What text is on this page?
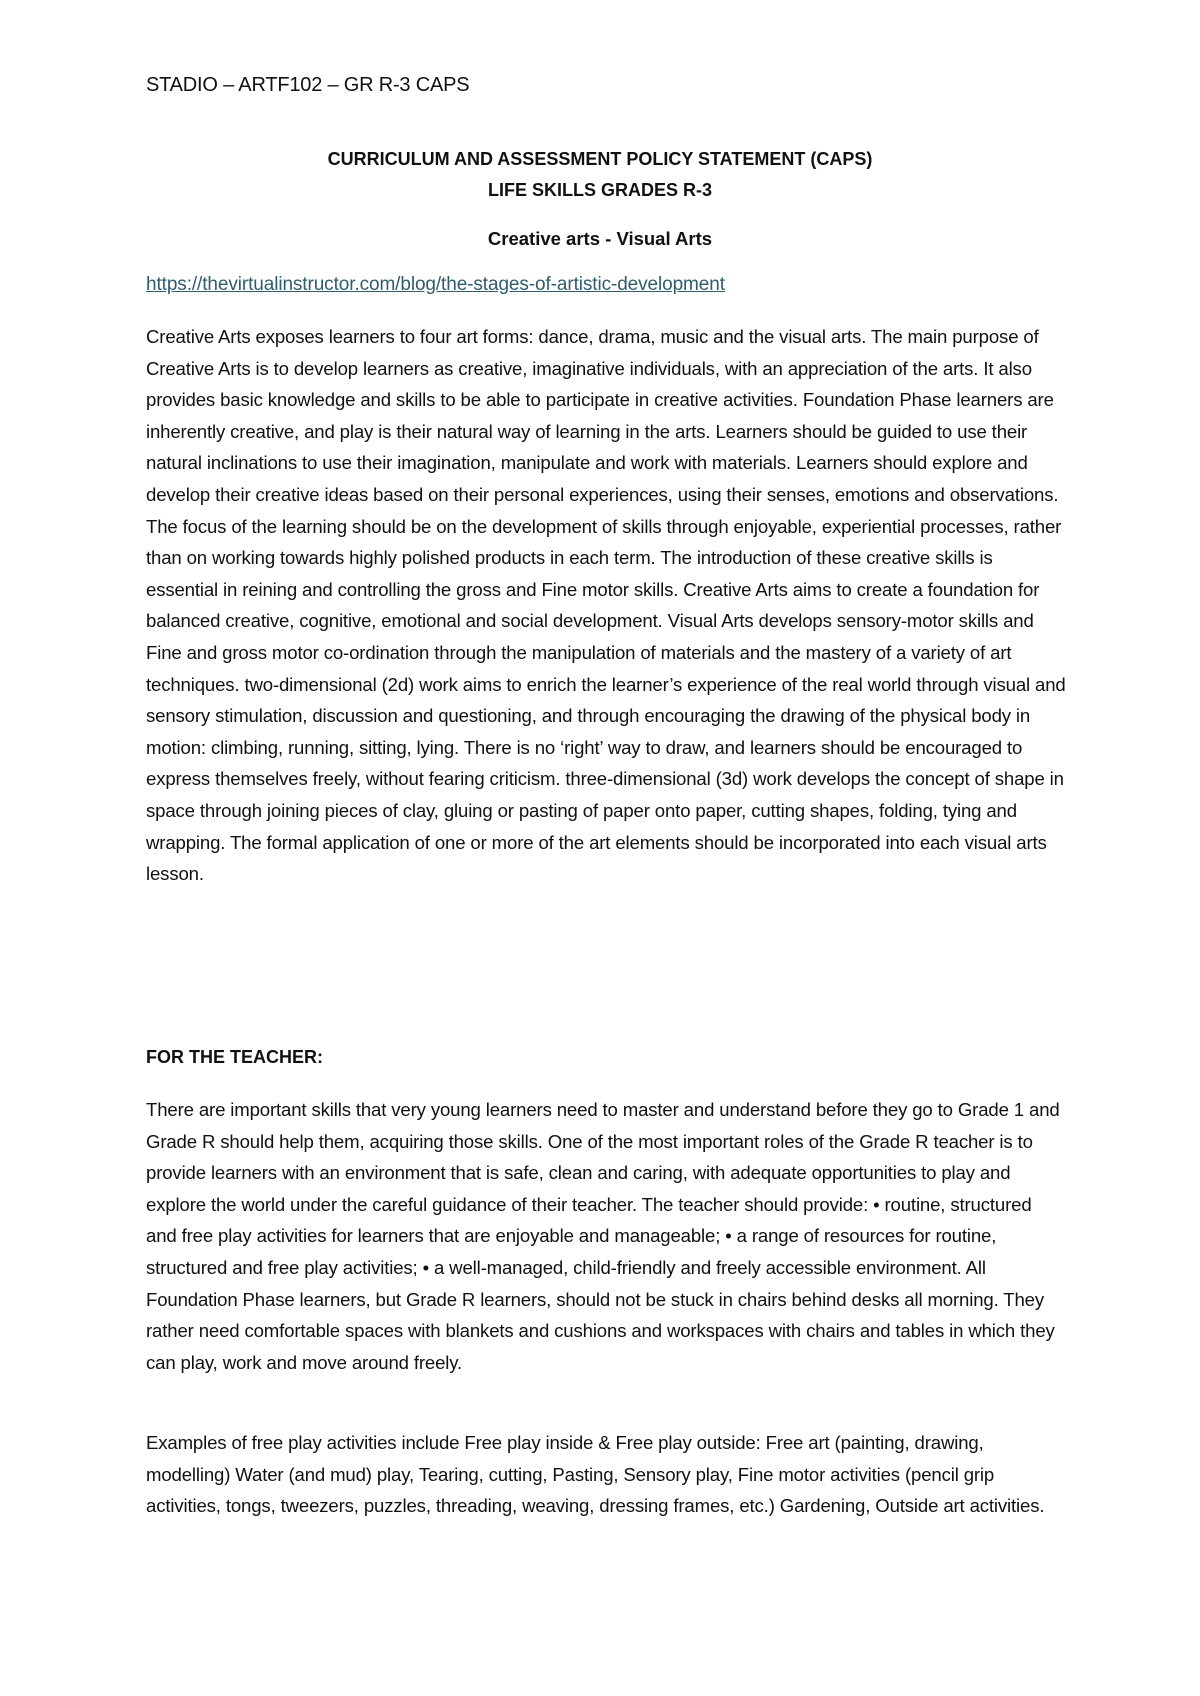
STADIO – ARTF102 – GR R-3 CAPS
CURRICULUM AND ASSESSMENT POLICY STATEMENT (CAPS)
LIFE SKILLS GRADES R-3
Creative arts - Visual Arts
https://thevirtualinstructor.com/blog/the-stages-of-artistic-development

Creative Arts exposes learners to four art forms: dance, drama, music and the visual arts. The main purpose of Creative Arts is to develop learners as creative, imaginative individuals, with an appreciation of the arts. It also provides basic knowledge and skills to be able to participate in creative activities. Foundation Phase learners are inherently creative, and play is their natural way of learning in the arts. Learners should be guided to use their natural inclinations to use their imagination, manipulate and work with materials. Learners should explore and develop their creative ideas based on their personal experiences, using their senses, emotions and observations. The focus of the learning should be on the development of skills through enjoyable, experiential processes, rather than on working towards highly polished products in each term. The introduction of these creative skills is essential in reining and controlling the gross and Fine motor skills. Creative Arts aims to create a foundation for balanced creative, cognitive, emotional and social development. Visual Arts develops sensory-motor skills and Fine and gross motor co-ordination through the manipulation of materials and the mastery of a variety of art techniques. two-dimensional (2d) work aims to enrich the learner’s experience of the real world through visual and sensory stimulation, discussion and questioning, and through encouraging the drawing of the physical body in motion: climbing, running, sitting, lying. There is no ‘right’ way to draw, and learners should be encouraged to express themselves freely, without fearing criticism. three-dimensional (3d) work develops the concept of shape in space through joining pieces of clay, gluing or pasting of paper onto paper, cutting shapes, folding, tying and wrapping. The formal application of one or more of the art elements should be incorporated into each visual arts lesson.

FOR THE TEACHER:

There are important skills that very young learners need to master and understand before they go to Grade 1 and Grade R should help them, acquiring those skills. One of the most important roles of the Grade R teacher is to provide learners with an environment that is safe, clean and caring, with adequate opportunities to play and explore the world under the careful guidance of their teacher. The teacher should provide: • routine, structured and free play activities for learners that are enjoyable and manageable; • a range of resources for routine, structured and free play activities; • a well-managed, child-friendly and freely accessible environment. All Foundation Phase learners, but Grade R learners, should not be stuck in chairs behind desks all morning. They rather need comfortable spaces with blankets and cushions and workspaces with chairs and tables in which they can play, work and move around freely.

Examples of free play activities include Free play inside & Free play outside: Free art (painting, drawing, modelling) Water (and mud) play, Tearing, cutting, Pasting, Sensory play, Fine motor activities (pencil grip activities, tongs, tweezers, puzzles, threading, weaving, dressing frames, etc.) Gardening, Outside art activities.
